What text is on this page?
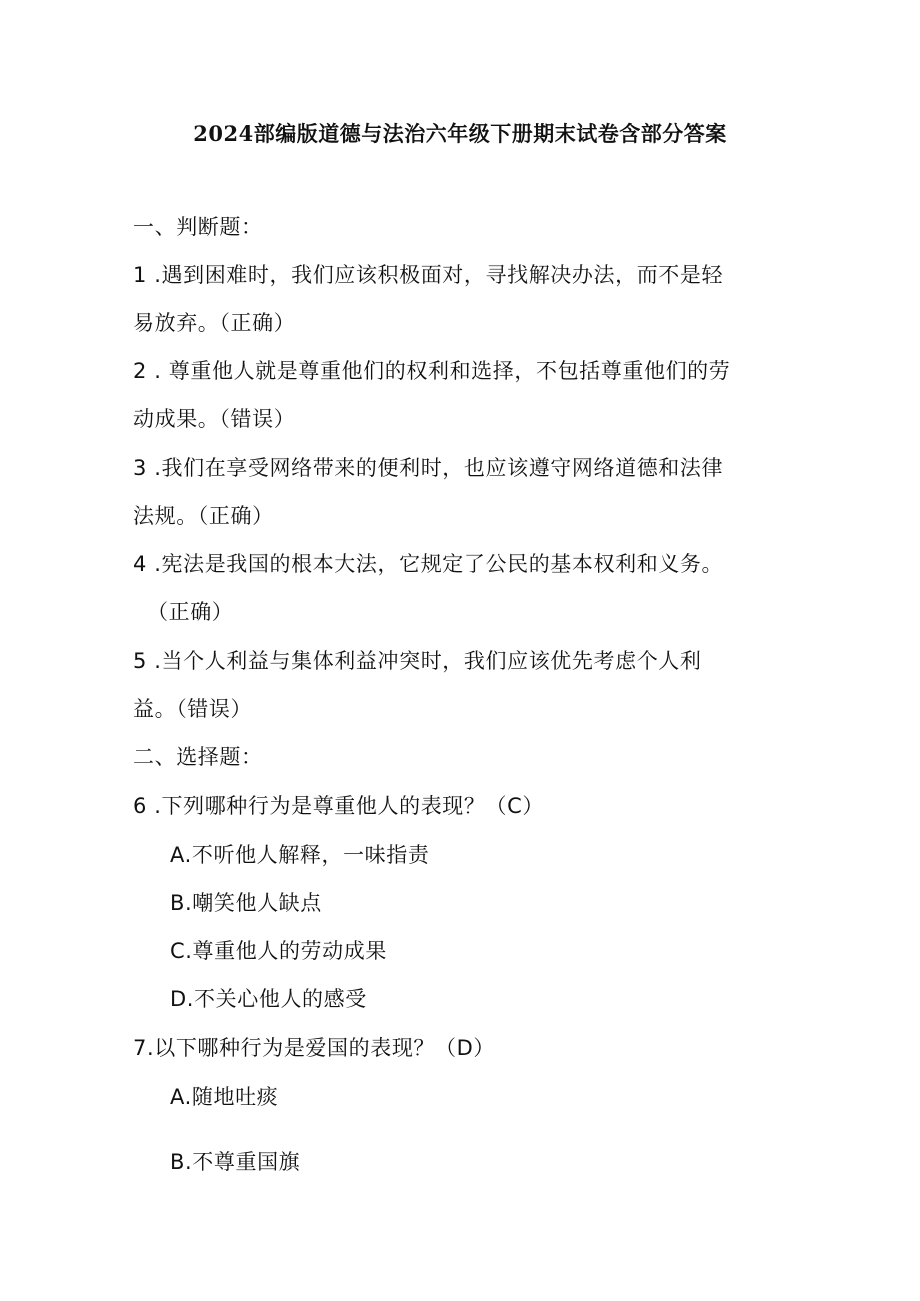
2024部编版道德与法治六年级下册期末试卷含部分答案
一、判断题：
1 .遇到困难时，我们应该积极面对，寻找解决办法，而不是轻
易放弃。（正确）
2 . 尊重他人就是尊重他们的权利和选择，不包括尊重他们的劳
动成果。（错误）
3 .我们在享受网络带来的便利时，也应该遵守网络道德和法律
法规。（正确）
4 .宪法是我国的根本大法，它规定了公民的基本权利和义务。
（正确）
5 .当个人利益与集体利益冲突时，我们应该优先考虑个人利
益。（错误）
二、选择题：
6 .下列哪种行为是尊重他人的表现？（C）
A.不听他人解释，一味指责
B.嘲笑他人缺点
C.尊重他人的劳动成果
D.不关心他人的感受
7.以下哪种行为是爱国的表现？（D）
A.随地吐痰
B.不尊重国旗
